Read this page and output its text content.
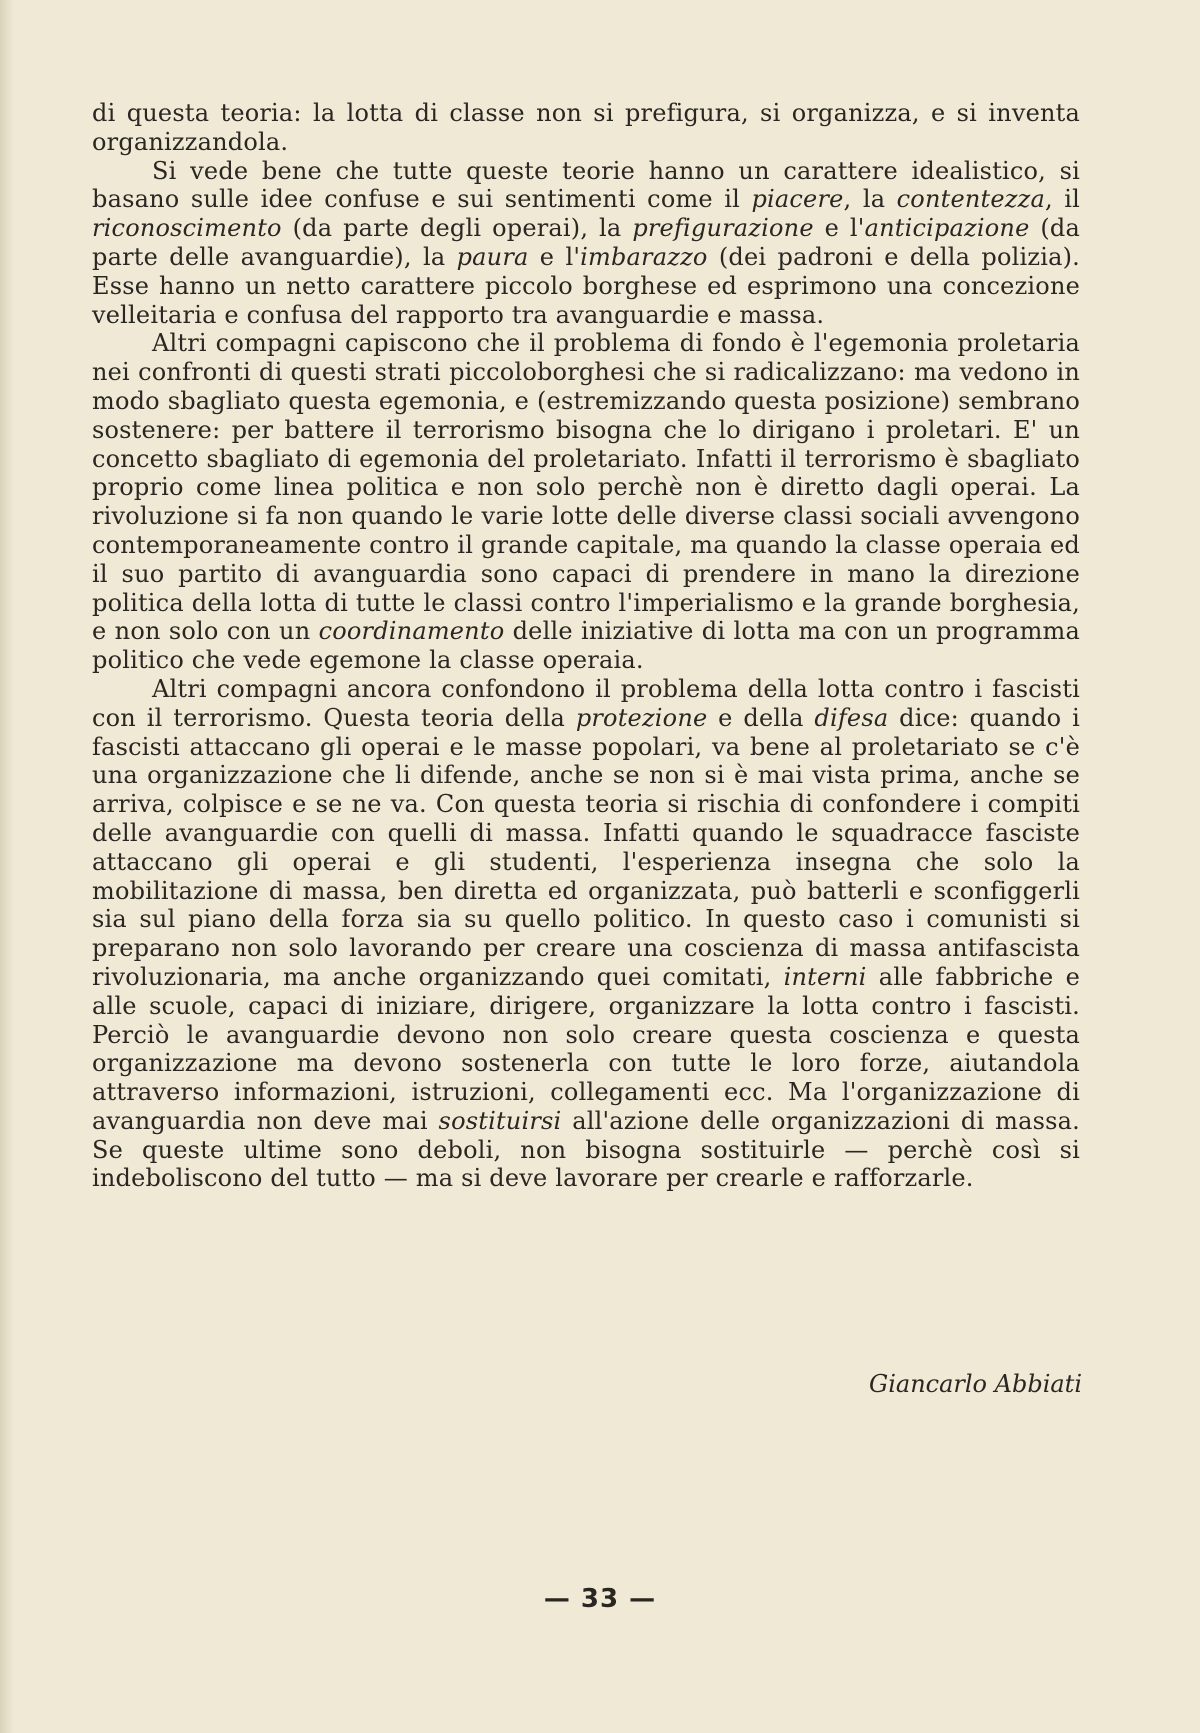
di questa teoria: la lotta di classe non si prefigura, si organizza, e si inventa organizzandola.

Si vede bene che tutte queste teorie hanno un carattere idealistico, si basano sulle idee confuse e sui sentimenti come il piacere, la contentezza, il riconoscimento (da parte degli operai), la prefigurazione e l'anticipazione (da parte delle avanguardie), la paura e l'imbarazzo (dei padroni e della polizia). Esse hanno un netto carattere piccolo borghese ed esprimono una concezione velleitaria e confusa del rapporto tra avanguardie e massa.

Altri compagni capiscono che il problema di fondo è l'egemonia proletaria nei confronti di questi strati piccoloborghesi che si radicalizzano: ma vedono in modo sbagliato questa egemonia, e (estremizzando questa posizione) sembrano sostenere: per battere il terrorismo bisogna che lo dirigano i proletari. E' un concetto sbagliato di egemonia del proletariato. Infatti il terrorismo è sbagliato proprio come linea politica e non solo perchè non è diretto dagli operai. La rivoluzione si fa non quando le varie lotte delle diverse classi sociali avvengono contemporaneamente contro il grande capitale, ma quando la classe operaia ed il suo partito di avanguardia sono capaci di prendere in mano la direzione politica della lotta di tutte le classi contro l'imperialismo e la grande borghesia, e non solo con un coordinamento delle iniziative di lotta ma con un programma politico che vede egemone la classe operaia.

Altri compagni ancora confondono il problema della lotta contro i fascisti con il terrorismo. Questa teoria della protezione e della difesa dice: quando i fascisti attaccano gli operai e le masse popolari, va bene al proletariato se c'è una organizzazione che li difende, anche se non si è mai vista prima, anche se arriva, colpisce e se ne va. Con questa teoria si rischia di confondere i compiti delle avanguardie con quelli di massa. Infatti quando le squadracce fasciste attaccano gli operai e gli studenti, l'esperienza insegna che solo la mobilitazione di massa, ben diretta ed organizzata, può batterli e sconfiggerli sia sul piano della forza sia su quello politico. In questo caso i comunisti si preparano non solo lavorando per creare una coscienza di massa antifascista rivoluzionaria, ma anche organizzando quei comitati, interni alle fabbriche e alle scuole, capaci di iniziare, dirigere, organizzare la lotta contro i fascisti. Perciò le avanguardie devono non solo creare questa coscienza e questa organizzazione ma devono sostenerla con tutte le loro forze, aiutandola attraverso informazioni, istruzioni, collegamenti ecc. Ma l'organizzazione di avanguardia non deve mai sostituirsi all'azione delle organizzazioni di massa. Se queste ultime sono deboli, non bisogna sostituirle — perchè così si indeboliscono del tutto — ma si deve lavorare per crearle e rafforzarle.

Giancarlo Abbiati
— 33 —
